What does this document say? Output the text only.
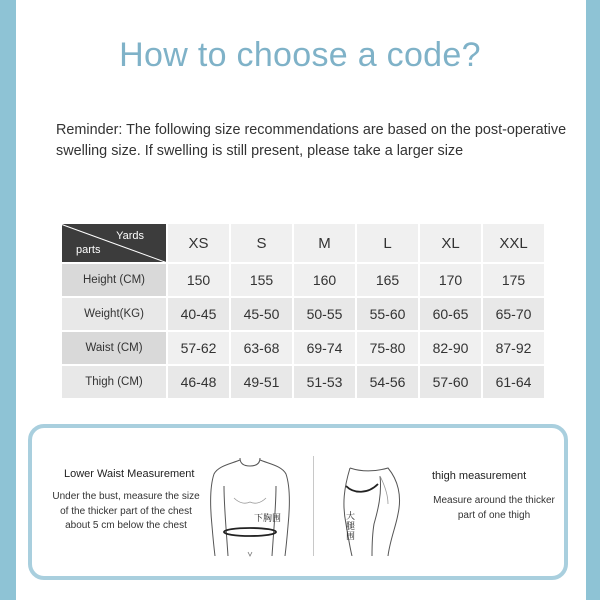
How to choose a code?
Reminder: The following size recommendations are based on the post-operative swelling size. If swelling is still present, please take a larger size
Yards
parts	XS	S	M	L	XL	XXL
Height (CM)	150	155	160	165	170	175
Weight(KG)	40-45	45-50	50-55	55-60	60-65	65-70
Waist (CM)	57-62	63-68	69-74	75-80	82-90	87-92
Thigh (CM)	46-48	49-51	51-53	54-56	57-60	61-64
Lower Waist Measurement
Under the bust, measure the size of the thicker part of the chest about 5 cm below the chest
下胸围	大腿围
thigh measurement
Measure around the thicker part of one thigh
